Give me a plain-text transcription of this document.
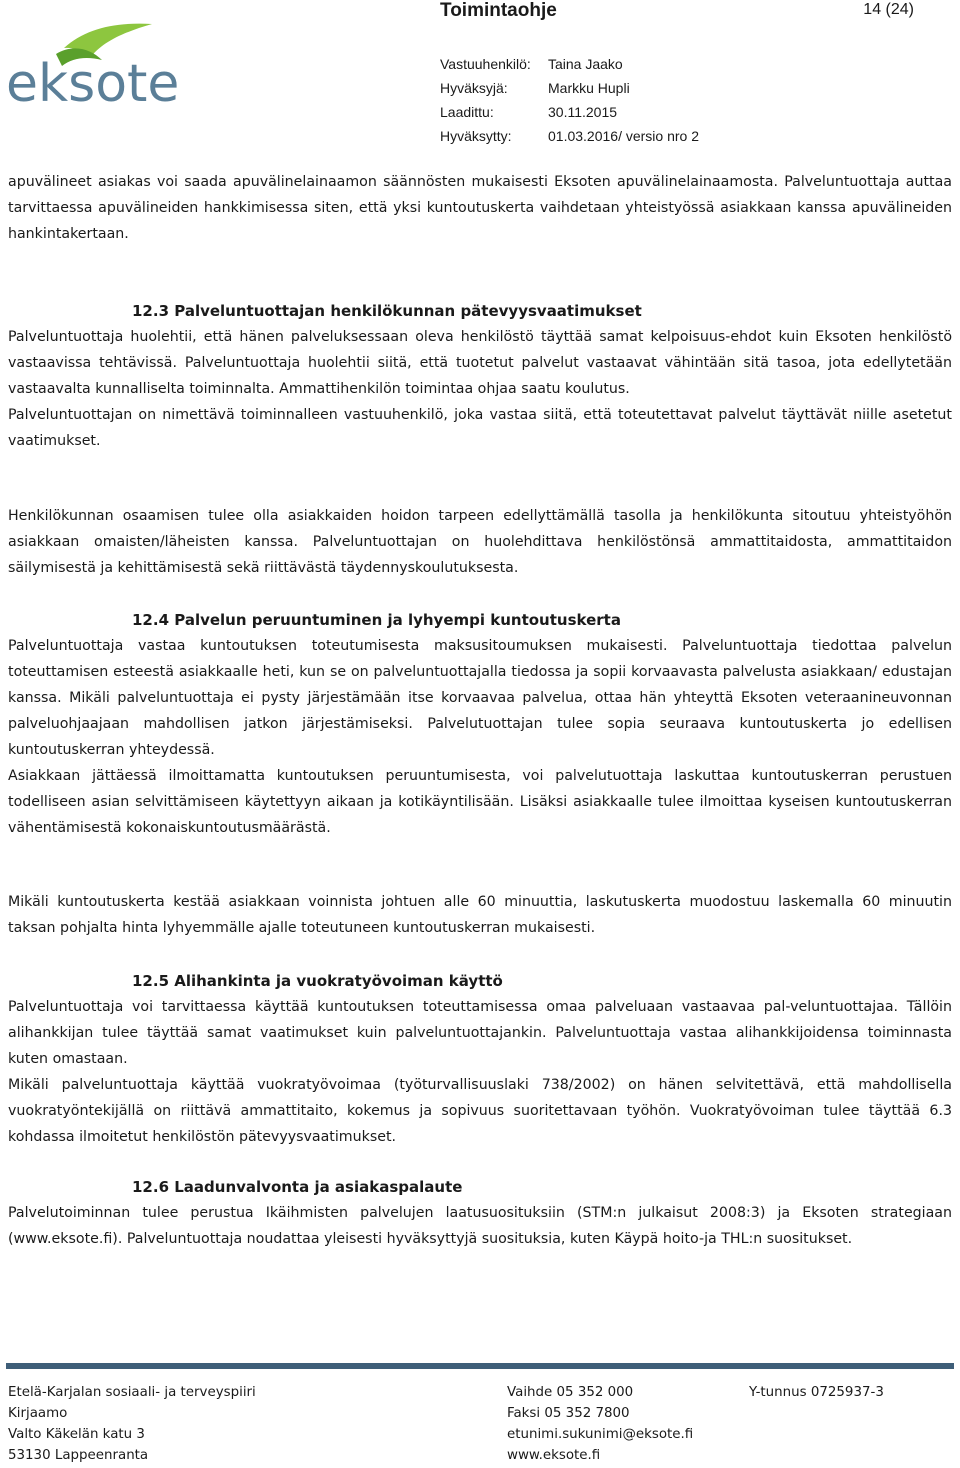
eksote
Toimintaohje	14 (24)
Vastuuhenkilö:	Taina Jaako
Hyväksyjä:	Markku Hupli
Laadittu:	30.11.2015
Hyväksytty:	01.03.2016/ versio nro 2

apuvälineet asiakas voi saada apuvälinelainaamon säännösten mukaisesti Eksoten apuvälinelainaamosta. Palveluntuottaja auttaa tarvittaessa apuvälineiden hankkimisessa siten, että yksi kuntoutuskerta vaihdetaan yhteistyössä asiakkaan kanssa apuvälineiden hankintakertaan.

12.3 Palveluntuottajan henkilökunnan pätevyysvaatimukset

Palveluntuottaja huolehtii, että hänen palveluksessaan oleva henkilöstö täyttää samat kelpoisuus-ehdot kuin Eksoten henkilöstö vastaavissa tehtävissä. Palveluntuottaja huolehtii siitä, että tuotetut palvelut vastaavat vähintään sitä tasoa, jota edellytetään vastaavalta kunnalliselta toiminnalta. Ammattihenkilön toimintaa ohjaa saatu koulutus.

Palveluntuottajan on nimettävä toiminnalleen vastuuhenkilö, joka vastaa siitä, että toteutettavat palvelut täyttävät niille asetetut vaatimukset.

Henkilökunnan osaamisen tulee olla asiakkaiden hoidon tarpeen edellyttämällä tasolla ja henkilökunta sitoutuu yhteistyöhön asiakkaan omaisten/läheisten kanssa. Palveluntuottajan on huolehdittava henkilöstönsä ammattitaidosta, ammattitaidon säilymisestä ja kehittämisestä sekä riittävästä täydennyskoulutuksesta.

12.4 Palvelun peruuntuminen ja lyhyempi kuntoutuskerta

Palveluntuottaja vastaa kuntoutuksen toteutumisesta maksusitoumuksen mukaisesti. Palveluntuottaja tiedottaa palvelun toteuttamisen esteestä asiakkaalle heti, kun se on palveluntuottajalla tiedossa ja sopii korvaavasta palvelusta asiakkaan/ edustajan kanssa. Mikäli palveluntuottaja ei pysty järjestämään itse korvaavaa palvelua, ottaa hän yhteyttä Eksoten veteraanineuvonnan palveluohjaajaan mahdollisen jatkon järjestämiseksi. Palvelutuottajan tulee sopia seuraava kuntoutuskerta jo edellisen kuntoutuskerran yhteydessä.

Asiakkaan jättäessä ilmoittamatta kuntoutuksen peruuntumisesta, voi palvelutuottaja laskuttaa kuntoutuskerran perustuen todelliseen asian selvittämiseen käytettyyn aikaan ja kotikäyntilisään. Lisäksi asiakkaalle tulee ilmoittaa kyseisen kuntoutuskerran vähentämisestä kokonaiskuntoutusmäärästä.

Mikäli kuntoutuskerta kestää asiakkaan voinnista johtuen alle 60 minuuttia, laskutuskerta muodostuu laskemalla 60 minuutin taksan pohjalta hinta lyhyemmälle ajalle toteutuneen kuntoutuskerran mukaisesti.

12.5 Alihankinta ja vuokratyövoiman käyttö

Palveluntuottaja voi tarvittaessa käyttää kuntoutuksen toteuttamisessa omaa palveluaan vastaavaa pal-veluntuottajaa. Tällöin alihankkijan tulee täyttää samat vaatimukset kuin palveluntuottajankin. Palveluntuottaja vastaa alihankkijoidensa toiminnasta kuten omastaan.

Mikäli palveluntuottaja käyttää vuokratyövoimaa (työturvallisuuslaki 738/2002) on hänen selvitettävä, että mahdollisella vuokratyöntekijällä on riittävä ammattitaito, kokemus ja sopivuus suoritettavaan työhön. Vuokratyövoiman tulee täyttää 6.3 kohdassa ilmoitetut henkilöstön pätevyysvaatimukset.

12.6 Laadunvalvonta ja asiakaspalaute

Palvelutoiminnan tulee perustua Ikäihmisten palvelujen laatusuosituksiin (STM:n julkaisut 2008:3) ja Eksoten strategiaan (www.eksote.fi). Palveluntuottaja noudattaa yleisesti hyväksyttyjä suosituksia, kuten Käypä hoito-ja THL:n suositukset.

Etelä-Karjalan sosiaali- ja terveyspiiri
Kirjaamo
Valto Käkelän katu 3
53130 Lappeenranta
Vaihde 05 352 000
Faksi 05 352 7800
etunimi.sukunimi@eksote.fi
www.eksote.fi
Y-tunnus 0725937-3
